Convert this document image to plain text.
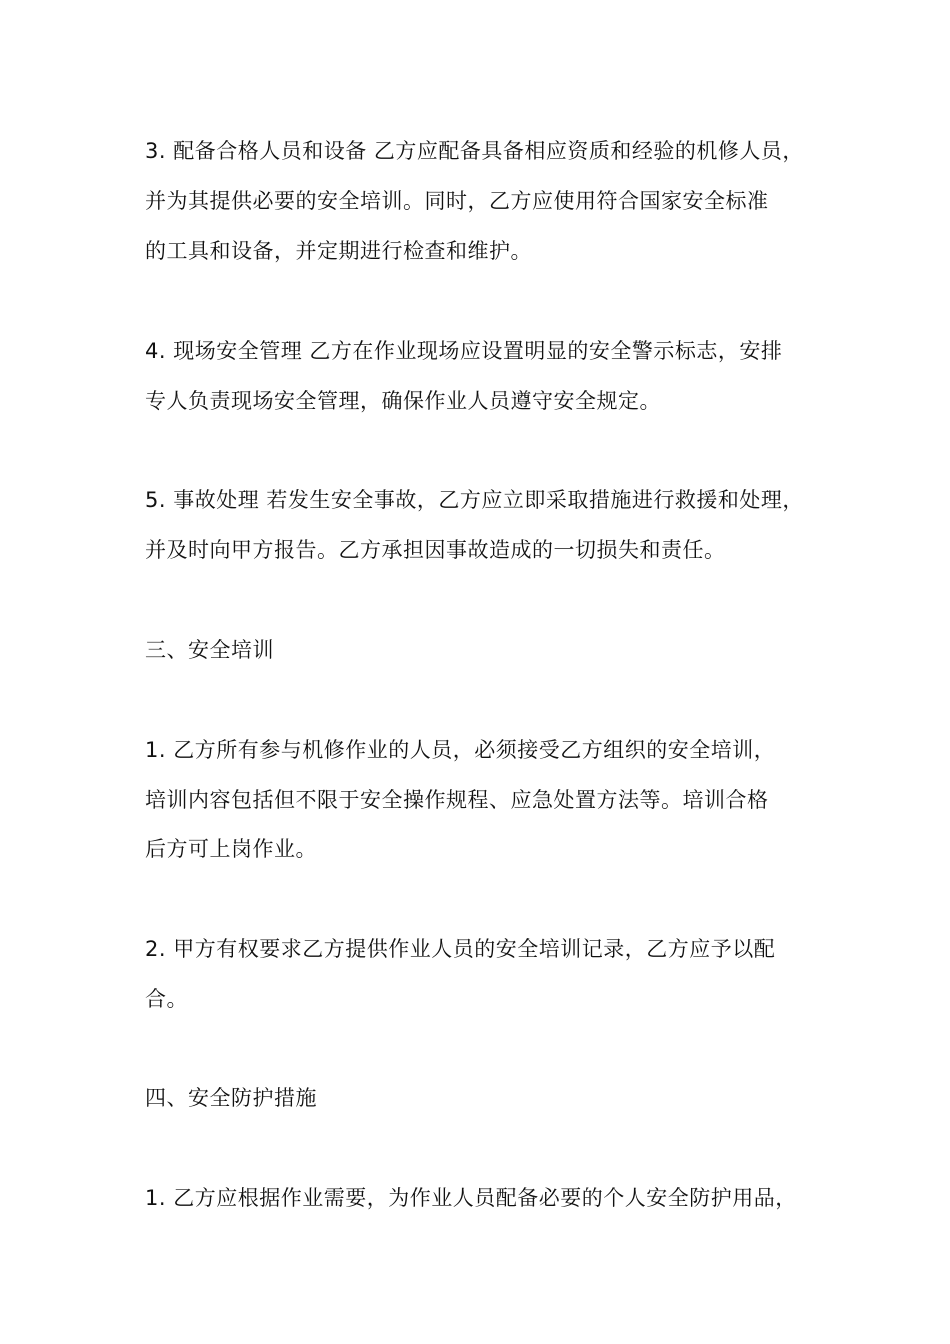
3. 配备合格人员和设备 乙方应配备具备相应资质和经验的机修人员，
并为其提供必要的安全培训。同时，乙方应使用符合国家安全标准
的工具和设备，并定期进行检查和维护。
4. 现场安全管理 乙方在作业现场应设置明显的安全警示标志，安排
专人负责现场安全管理，确保作业人员遵守安全规定。
5. 事故处理 若发生安全事故，乙方应立即采取措施进行救援和处理，
并及时向甲方报告。乙方承担因事故造成的一切损失和责任。
三、安全培训
1. 乙方所有参与机修作业的人员，必须接受乙方组织的安全培训，
培训内容包括但不限于安全操作规程、应急处置方法等。培训合格
后方可上岗作业。
2. 甲方有权要求乙方提供作业人员的安全培训记录，乙方应予以配
合。
四、安全防护措施
1. 乙方应根据作业需要，为作业人员配备必要的个人安全防护用品，
